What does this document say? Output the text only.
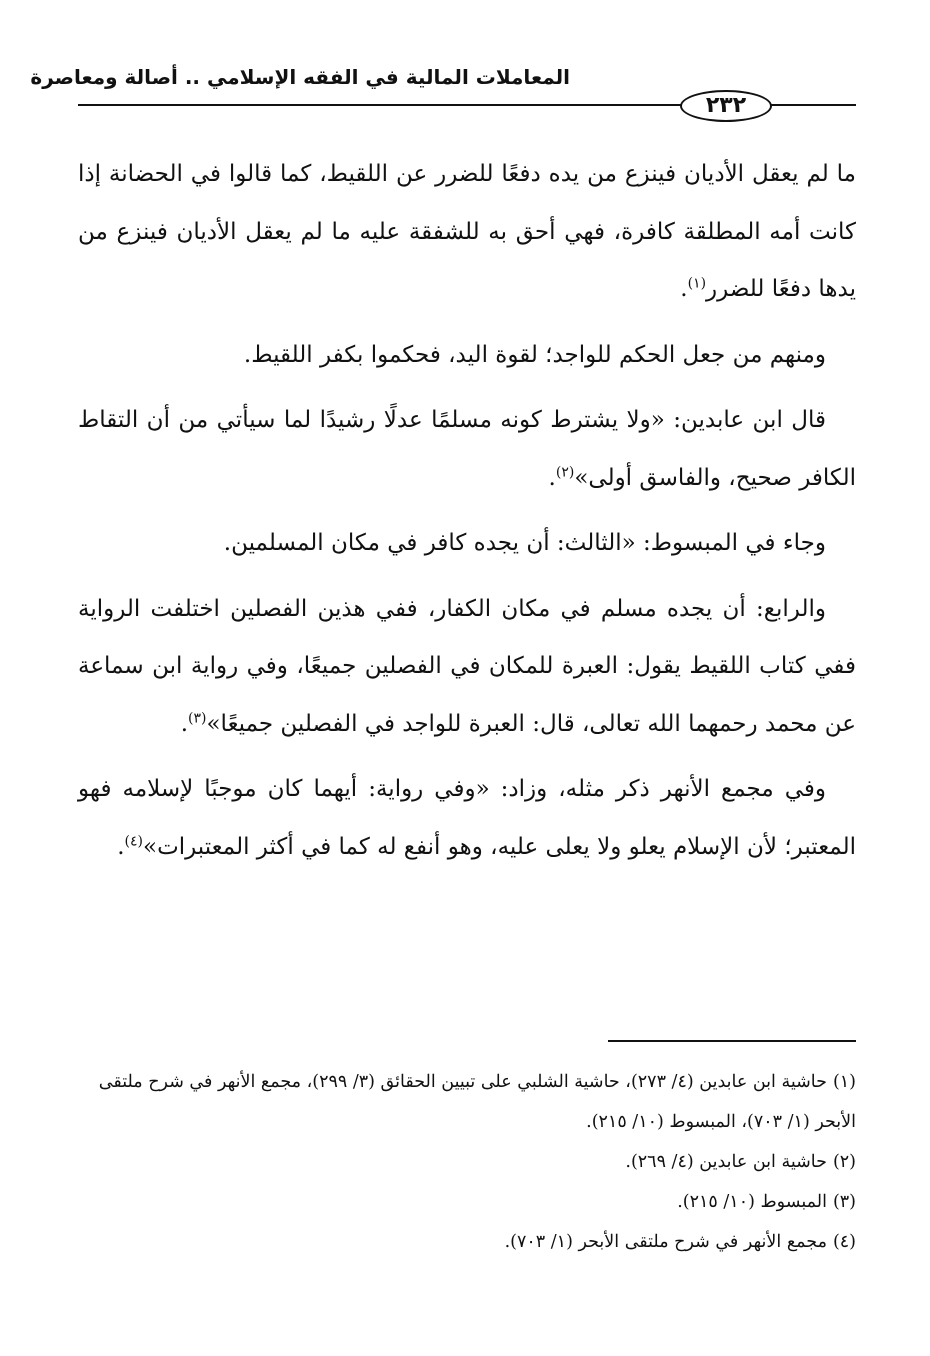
المعاملات المالية في الفقه الإسلامي .. أصالة ومعاصرة
٢٣٢

ما لم يعقل الأديان فينزع من يده دفعًا للضرر عن اللقيط، كما قالوا في الحضانة إذا كانت أمه المطلقة كافرة، فهي أحق به للشفقة عليه ما لم يعقل الأديان فينزع من يدها دفعًا للضرر$^{(١)}$.

ومنهم من جعل الحكم للواجد؛ لقوة اليد، فحكموا بكفر اللقيط.

قال ابن عابدين: «ولا يشترط كونه مسلمًا عدلًا رشيدًا لما سيأتي من أن التقاط الكافر صحيح، والفاسق أولى»$^{(٢)}$.

وجاء في المبسوط: «الثالث: أن يجده كافر في مكان المسلمين.

والرابع: أن يجده مسلم في مكان الكفار، ففي هذين الفصلين اختلفت الرواية ففي كتاب اللقيط يقول: العبرة للمكان في الفصلين جميعًا، وفي رواية ابن سماعة عن محمد رحمهما الله تعالى، قال: العبرة للواجد في الفصلين جميعًا»$^{(٣)}$.

وفي مجمع الأنهر ذكر مثله، وزاد: «وفي رواية: أيهما كان موجبًا لإسلامه فهو المعتبر؛ لأن الإسلام يعلو ولا يعلى عليه، وهو أنفع له كما في أكثر المعتبرات»$^{(٤)}$.

(١)حاشية ابن عابدين (٤/ ٢٧٣)، حاشية الشلبي على تبيين الحقائق (٣/ ٢٩٩)، مجمع الأنهر في شرح ملتقى الأبحر (١/ ٧٠٣)، المبسوط (١٠/ ٢١٥).

(٢)حاشية ابن عابدين (٤/ ٢٦٩).

(٣)المبسوط (١٠/ ٢١٥).

(٤)مجمع الأنهر في شرح ملتقى الأبحر (١/ ٧٠٣).
